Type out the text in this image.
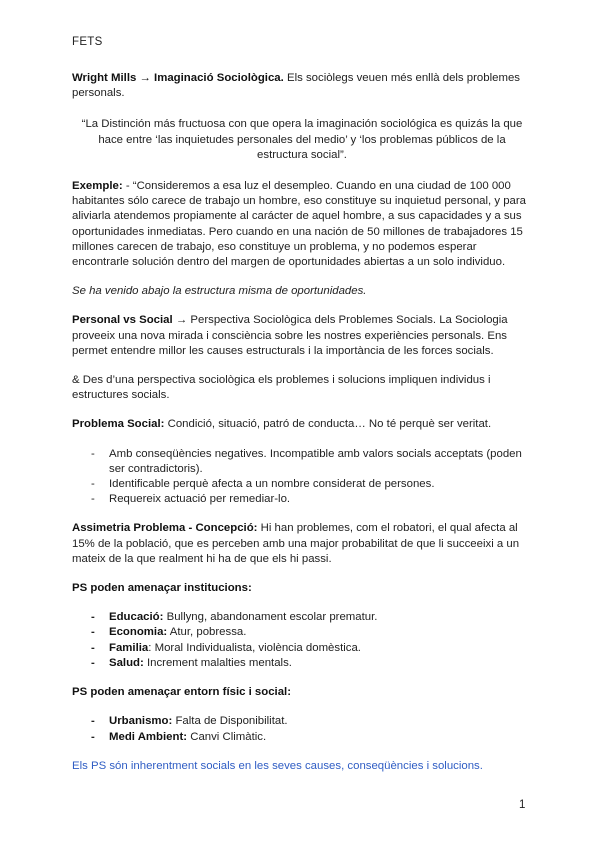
FETS

Wright Mills → Imaginació Sociològica. Els sociòlegs veuen més enllà dels problemes personals.

“La Distinción más fructuosa con que opera la imaginación sociológica es quizás la que hace entre ‘las inquietudes personales del medio’ y ‘los problemas públicos de la estructura social”.

Exemple: - “Consideremos a esa luz el desempleo. Cuando en una ciudad de 100 000 habitantes sólo carece de trabajo un hombre, eso constituye su inquietud personal, y para aliviarla atendemos propiamente al carácter de aquel hombre, a sus capacidades y a sus oportunidades inmediatas. Pero cuando en una nación de 50 millones de trabajadores 15 millones carecen de trabajo, eso constituye un problema, y no podemos esperar encontrarle solución dentro del margen de oportunidades abiertas a un solo individuo.

Se ha venido abajo la estructura misma de oportunidades.

Personal vs Social → Perspectiva Sociològica dels Problemes Socials. La Sociologia proveeix una nova mirada i consciència sobre les nostres experiències personals. Ens permet entendre millor les causes estructurals i la importància de les forces socials.

& Des d’una perspectiva sociològica els problemes i solucions impliquen individus i estructures socials.

Problema Social: Condició, situació, patró de conducta… No té perquè ser veritat.

- Amb conseqüències negatives. Incompatible amb valors socials acceptats (poden ser contradictoris).
- Identificable perquè afecta a un nombre considerat de persones.
- Requereix actuació per remediar-lo.

Assimetria Problema - Concepció: Hi han problemes, com el robatori, el qual afecta al 15% de la població, que es perceben amb una major probabilitat de que li succeeixi a un mateix de la que realment hi ha de que els hi passi.

PS poden amenaçar institucions:

- Educació: Bullyng, abandonament escolar prematur.
- Economia: Atur, pobressa.
- Familia: Moral Individualista, violència domèstica.
- Salud: Increment malalties mentals.

PS poden amenaçar entorn físic i social:

- Urbanismo: Falta de Disponibilitat.
- Medi Ambient: Canvi Climàtic.

Els PS són inherentment socials en les seves causes, conseqüències i solucions.

1
